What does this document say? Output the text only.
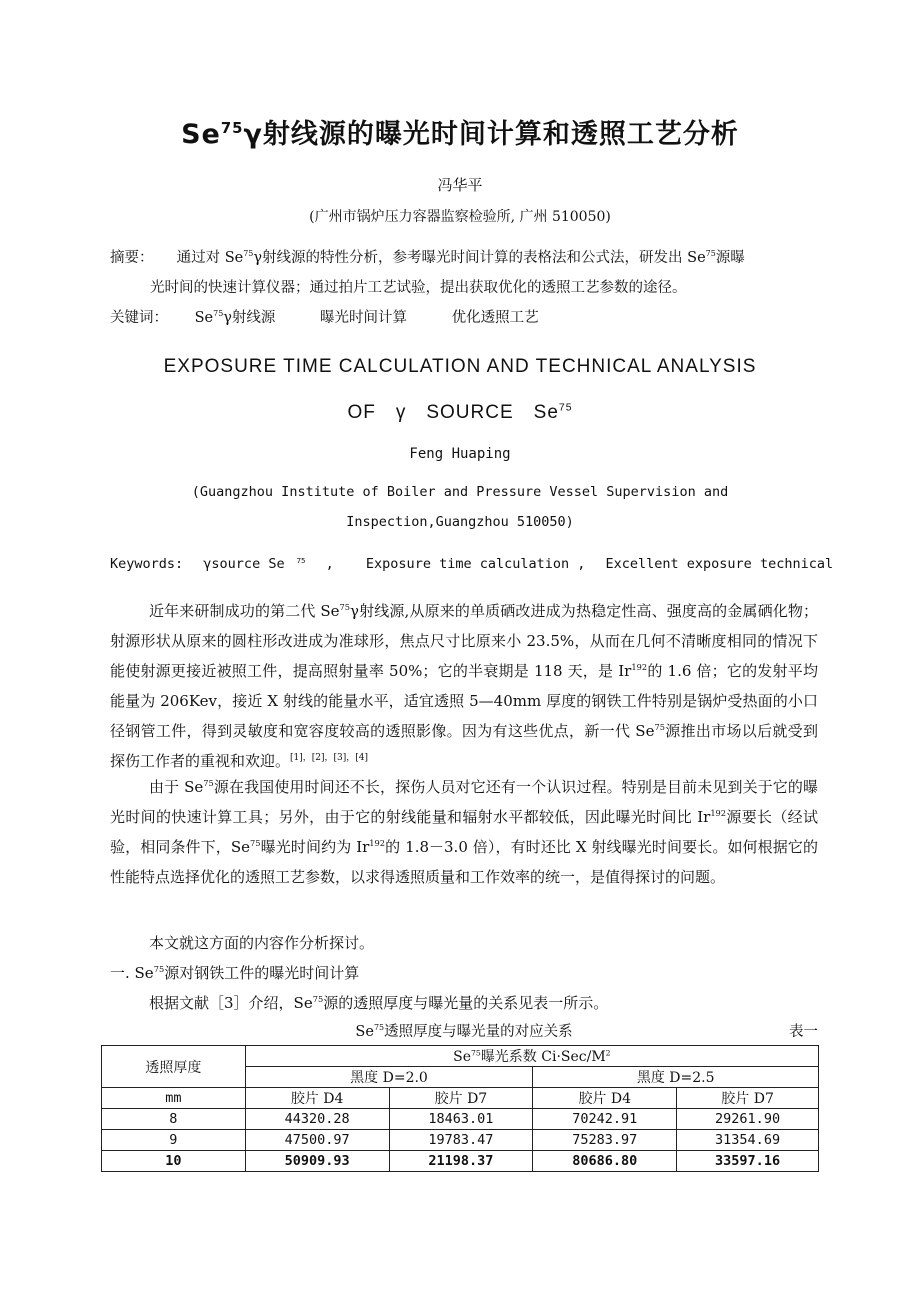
Se$^{75}$γ射线源的曝光时间计算和透照工艺分析
冯华平
(广州市锅炉压力容器监察检验所, 广州 510050)
摘要： 通过对 Se$^{75}$γ射线源的特性分析，参考曝光时间计算的表格法和公式法，研发出 Se$^{75}$源曝
光时间的快速计算仪器；通过拍片工艺试验，提出获取优化的透照工艺参数的途径。
关键词： Se$^{75}$γ射线源	曝光时间计算	优化透照工艺
EXPOSURE TIME CALCULATION AND TECHNICAL ANALYSIS
OF γ SOURCE Se$^{75}$
Feng Huaping
(Guangzhou Institute of Boiler and Pressure Vessel Supervision and
Inspection,Guangzhou 510050)
Keywords: γsource Se $^{75}$ , Exposure time calculation , Excellent exposure technical
近年来研制成功的第二代 Se$^{75}$γ射线源,从原来的单质硒改进成为热稳定性高、强度高的金属硒化物；射源形状从原来的圆柱形改进成为准球形，焦点尺寸比原来小 23.5%，从而在几何不清晰度相同的情况下能使射源更接近被照工件，提高照射量率 50%；它的半衰期是 118 天，是 Ir$^{192}$的 1.6 倍；它的发射平均能量为 206Kev，接近 X 射线的能量水平，适宜透照 5—40mm 厚度的钢铁工件特别是锅炉受热面的小口径钢管工件，得到灵敏度和宽容度较高的透照影像。因为有这些优点，新一代 Se$^{75}$源推出市场以后就受到探伤工作者的重视和欢迎。[1]，[2]，[3]，[4]
由于 Se$^{75}$源在我国使用时间还不长，探伤人员对它还有一个认识过程。特别是目前未见到关于它的曝光时间的快速计算工具；另外，由于它的射线能量和辐射水平都较低，因此曝光时间比 Ir$^{192}$源要长（经试验，相同条件下，Se$^{75}$曝光时间约为 Ir$^{192}$的 1.8－3.0 倍），有时还比 X 射线曝光时间要长。如何根据它的性能特点选择优化的透照工艺参数，以求得透照质量和工作效率的统一，是值得探讨的问题。
本文就这方面的内容作分析探讨。
一. Se$^{75}$源对钢铁工件的曝光时间计算
根据文献［3］介绍，Se$^{75}$源的透照厚度与曝光量的关系见表一所示。
Se$^{75}$透照厚度与曝光量的对应关系	表一
透照厚度	Se$^{75}$曝光系数 $Ci\cdot Sec/M^2$
	黑度 D=2.0		黑度 D=2.5	
mm	胶片 D4	胶片 D7	胶片 D4	胶片 D7
8	44320.28	18463.01	70242.91	29261.90
9	47500.97	19783.47	75283.97	31354.69
10	50909.93	21198.37	80686.80	33597.16
